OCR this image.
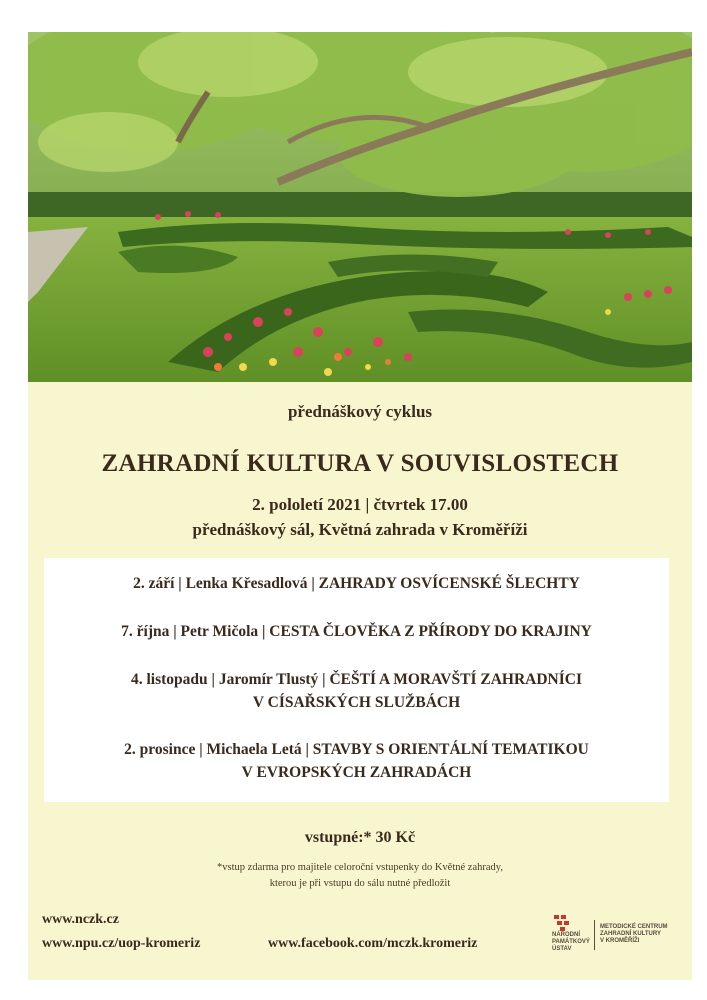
přednáškový cyklus
ZAHRADNÍ KULTURA V SOUVISLOSTECH
2. pololetí 2021 | čtvrtek 17.00
přednáškový sál, Květná zahrada v Kroměříži
2. září | Lenka Křesadlová | ZAHRADY OSVÍCENSKÉ ŠLECHTY
7. října | Petr Mičola | CESTA ČLOVĚKA Z PŘÍRODY DO KRAJINY
4. listopadu | Jaromír Tlustý | ČEŠTÍ A MORAVŠTÍ ZAHRADNÍCI
V CÍSAŘSKÝCH SLUŽBÁCH
2. prosince | Michaela Letá | STAVBY S ORIENTÁLNÍ TEMATIKOU
V EVROPSKÝCH ZAHRADÁCH
vstupné:* 30 Kč
*vstup zdarma pro majitele celoroční vstupenky do Květné zahrady,
kterou je při vstupu do sálu nutné předložit
www.nczk.cz
www.npu.cz/uop-kromeriz	www.facebook.com/mczk.kromeriz
NÁRODNÍ
PAMÁTKOVÝ
ÚSTAV
METODICKÉ CENTRUM
ZAHRADNÍ KULTURY
V KROMĚŘÍŽI
